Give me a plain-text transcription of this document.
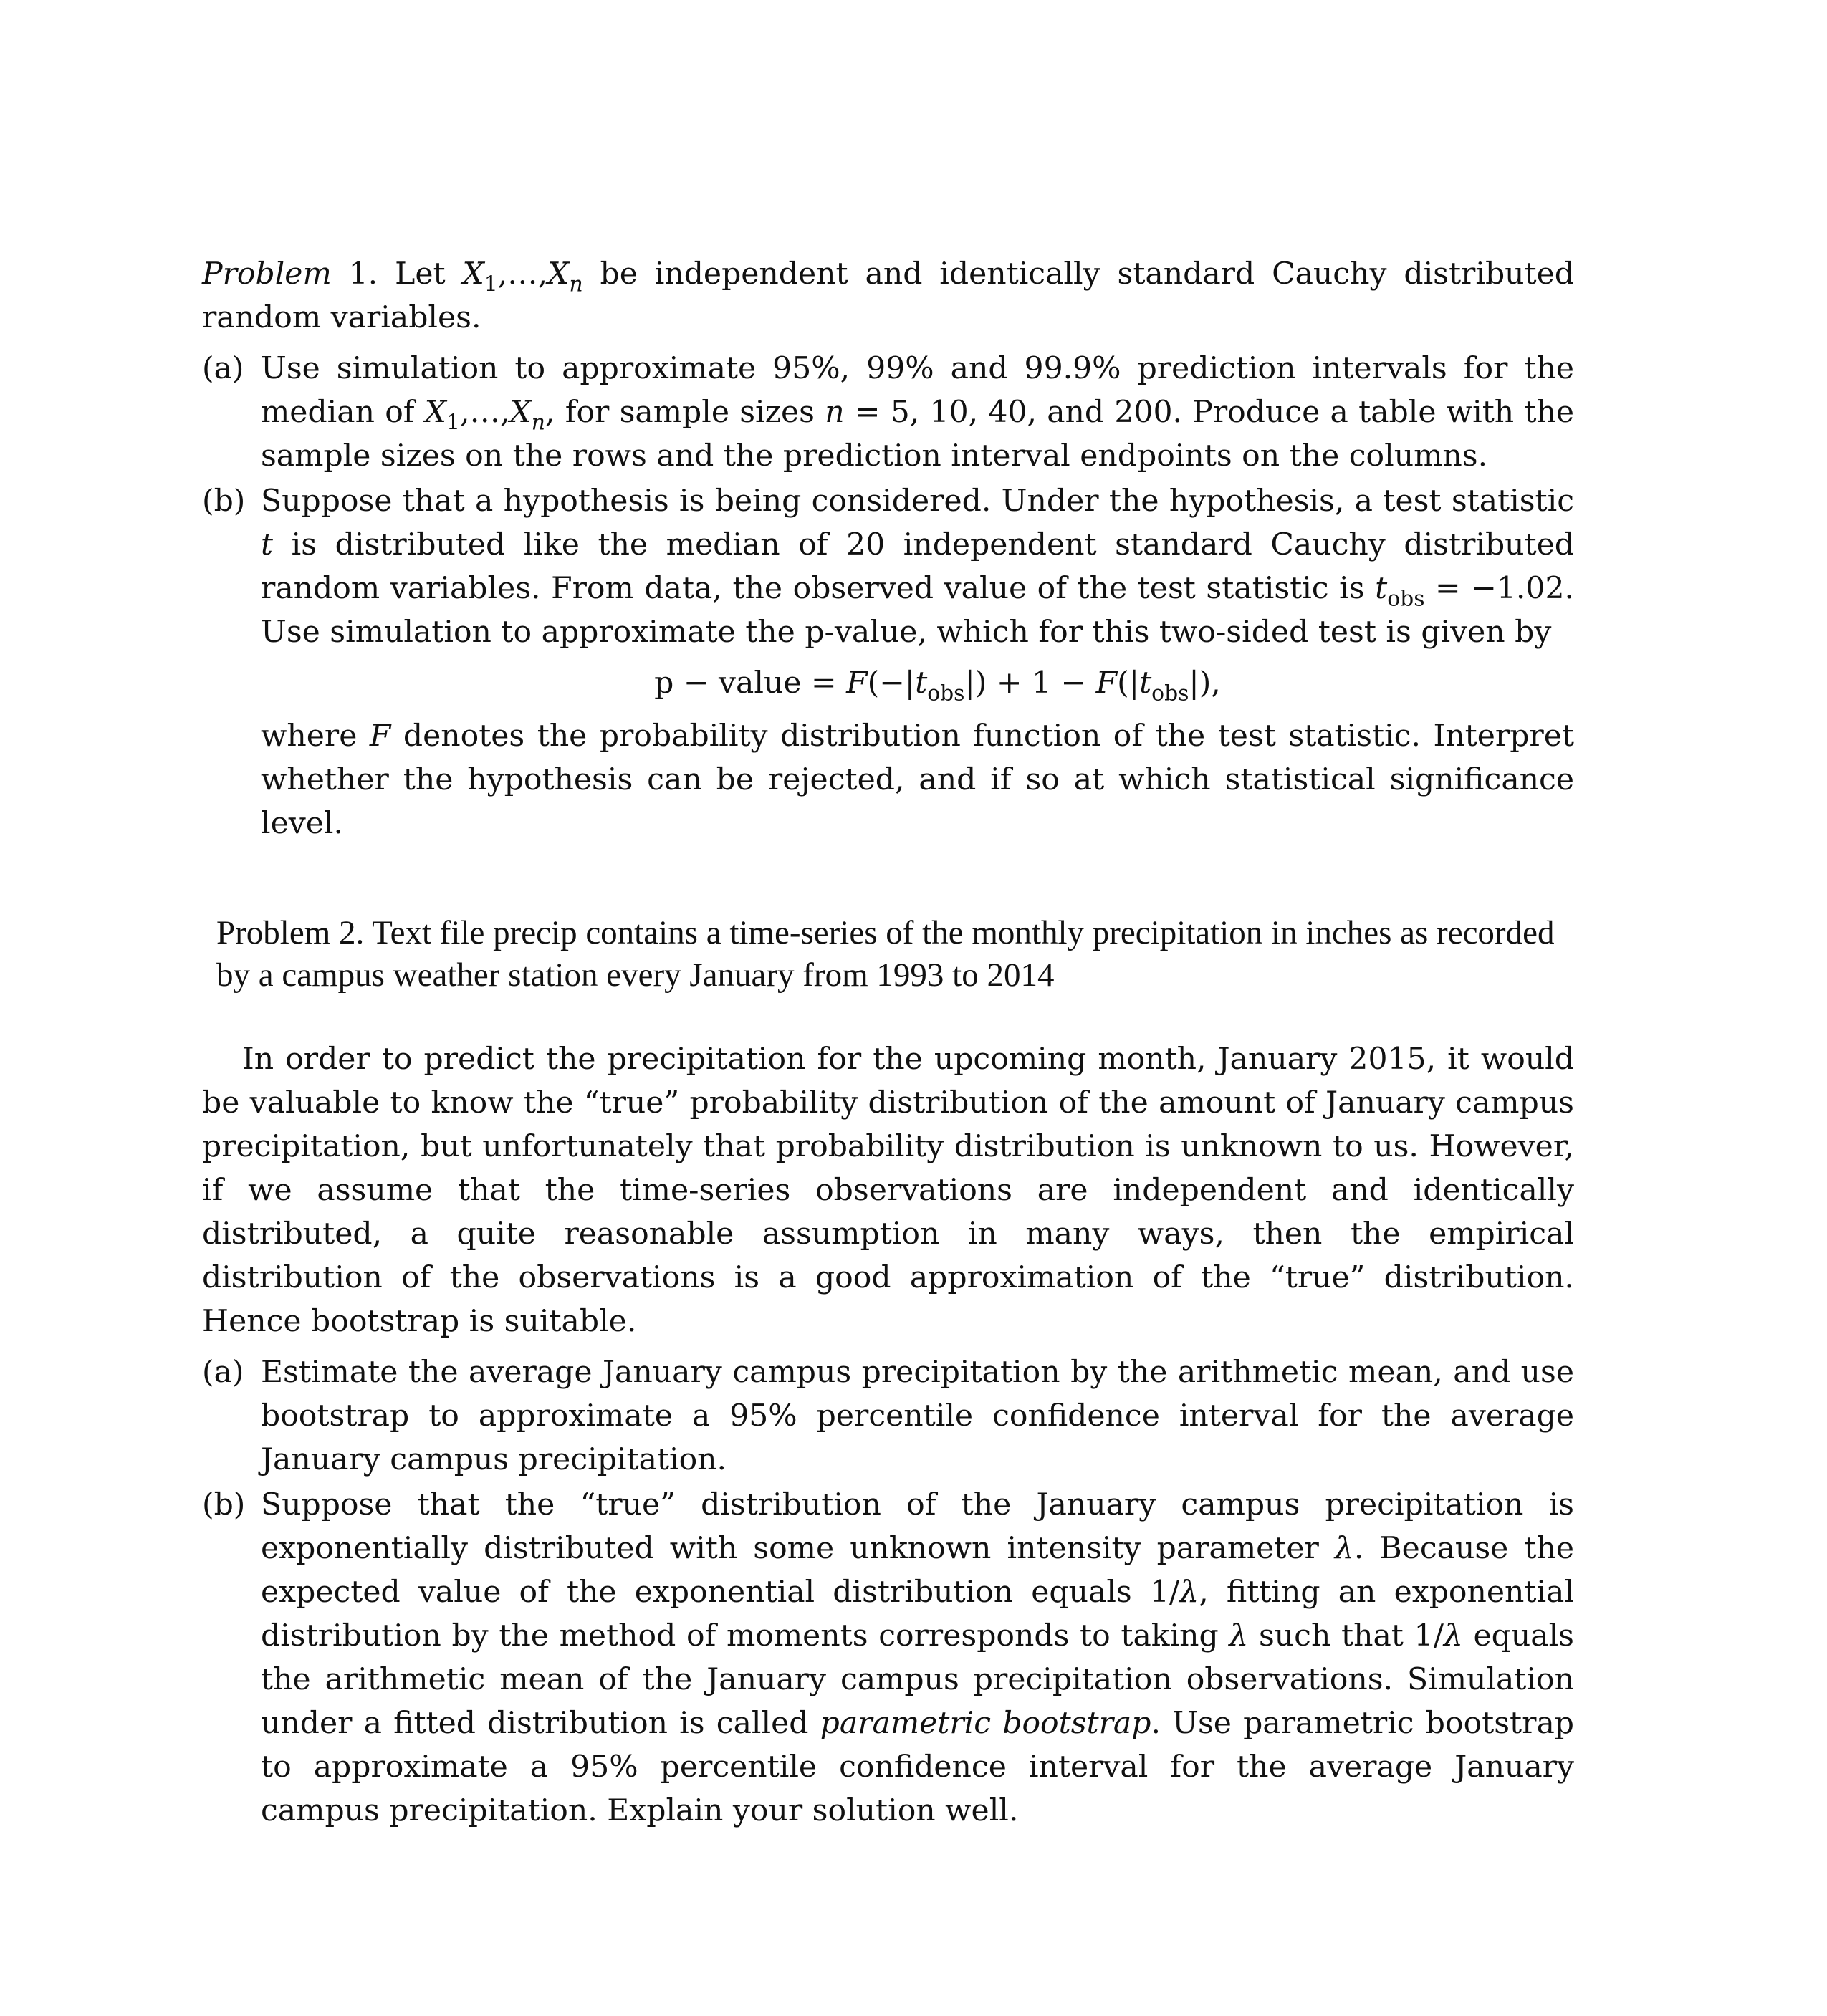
Problem 1. Let $X_1,\dots,X_n$ be independent and identically standard Cauchy distributed random variables.

(a) Use simulation to approximate 95%, 99% and 99.9% prediction intervals for the median of $X_1,\dots,X_n$, for sample sizes n = 5, 10, 40, and 200. Produce a table with the sample sizes on the rows and the prediction interval endpoints on the columns.

(b) Suppose that a hypothesis is being considered. Under the hypothesis, a test statistic t is distributed like the median of 20 independent standard Cauchy distributed random variables. From data, the observed value of the test statistic is $t_{obs} = -1.02$. Use simulation to approximate the p-value, which for this two-sided test is given by

p − value = $F(-|t_{obs}|) + 1 - F(|t_{obs}|)$,

where F denotes the probability distribution function of the test statistic. Interpret whether the hypothesis can be rejected, and if so at which statistical significance level.

Problem 2. Text file precip contains a time-series of the monthly precipitation in inches as recorded by a campus weather station every January from 1993 to 2014

In order to predict the precipitation for the upcoming month, January 2015, it would be valuable to know the “true” probability distribution of the amount of January campus precipitation, but unfortunately that probability distribution is unknown to us. However, if we assume that the time-series observations are independent and identically distributed, a quite reasonable assumption in many ways, then the empirical distribution of the observations is a good approximation of the “true” distribution. Hence bootstrap is suitable.

(a) Estimate the average January campus precipitation by the arithmetic mean, and use bootstrap to approximate a 95% percentile confidence interval for the average January campus precipitation.

(b) Suppose that the “true” distribution of the January campus precipitation is exponentially distributed with some unknown intensity parameter λ. Because the expected value of the exponential distribution equals 1/λ, fitting an exponential distribution by the method of moments corresponds to taking λ such that 1/λ equals the arithmetic mean of the January campus precipitation observations. Simulation under a fitted distribution is called parametric bootstrap. Use parametric bootstrap to approximate a 95% percentile confidence interval for the average January campus precipitation. Explain your solution well.
